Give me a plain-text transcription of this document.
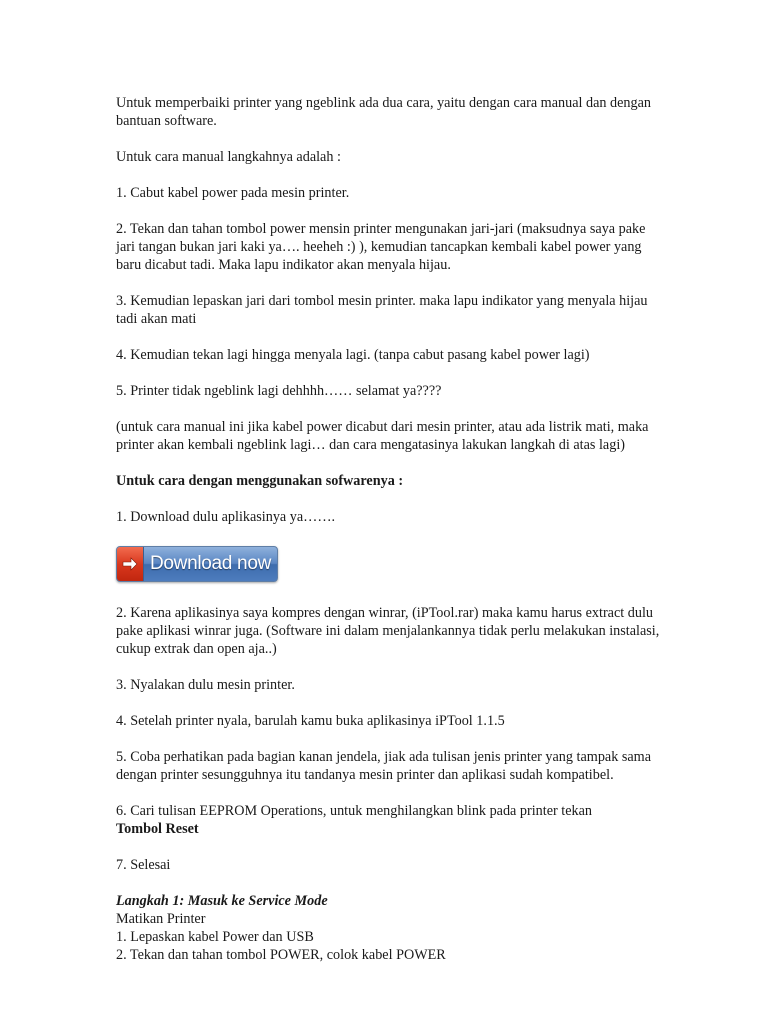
Untuk memperbaiki printer yang ngeblink ada dua cara, yaitu dengan cara manual dan dengan bantuan software.

Untuk cara manual langkahnya adalah :

1. Cabut kabel power pada mesin printer.

2. Tekan dan tahan tombol power mensin printer mengunakan jari-jari (maksudnya saya pake jari tangan bukan jari kaki ya…. heeheh :) ), kemudian tancapkan kembali kabel power yang baru dicabut tadi. Maka lapu indikator akan menyala hijau.

3. Kemudian lepaskan jari dari tombol mesin printer. maka lapu indikator yang menyala hijau tadi akan mati

4. Kemudian tekan lagi hingga menyala lagi. (tanpa cabut pasang kabel power lagi)

5. Printer tidak ngeblink lagi dehhhh…… selamat ya????

(untuk cara manual ini jika kabel power dicabut dari mesin printer, atau ada listrik mati, maka printer akan kembali ngeblink lagi… dan cara mengatasinya lakukan langkah di atas lagi)

Untuk cara dengan menggunakan sofwarenya :

1. Download dulu aplikasinya ya…….

Download now

2. Karena aplikasinya saya kompres dengan winrar, (iPTool.rar) maka kamu harus extract dulu pake aplikasi winrar juga. (Software ini dalam menjalankannya tidak perlu melakukan instalasi, cukup extrak dan open aja..)

3. Nyalakan dulu mesin printer.

4. Setelah printer nyala, barulah kamu buka aplikasinya iPTool 1.1.5

5. Coba perhatikan pada bagian kanan jendela, jiak ada tulisan jenis printer yang tampak sama dengan printer sesungguhnya itu tandanya mesin printer dan aplikasi sudah kompatibel.

6. Cari tulisan EEPROM Operations, untuk menghilangkan blink pada printer tekan
Tombol Reset

7. Selesai

Langkah 1: Masuk ke Service Mode

Matikan Printer

1. Lepaskan kabel Power dan USB

2. Tekan dan tahan tombol POWER, colok kabel POWER
